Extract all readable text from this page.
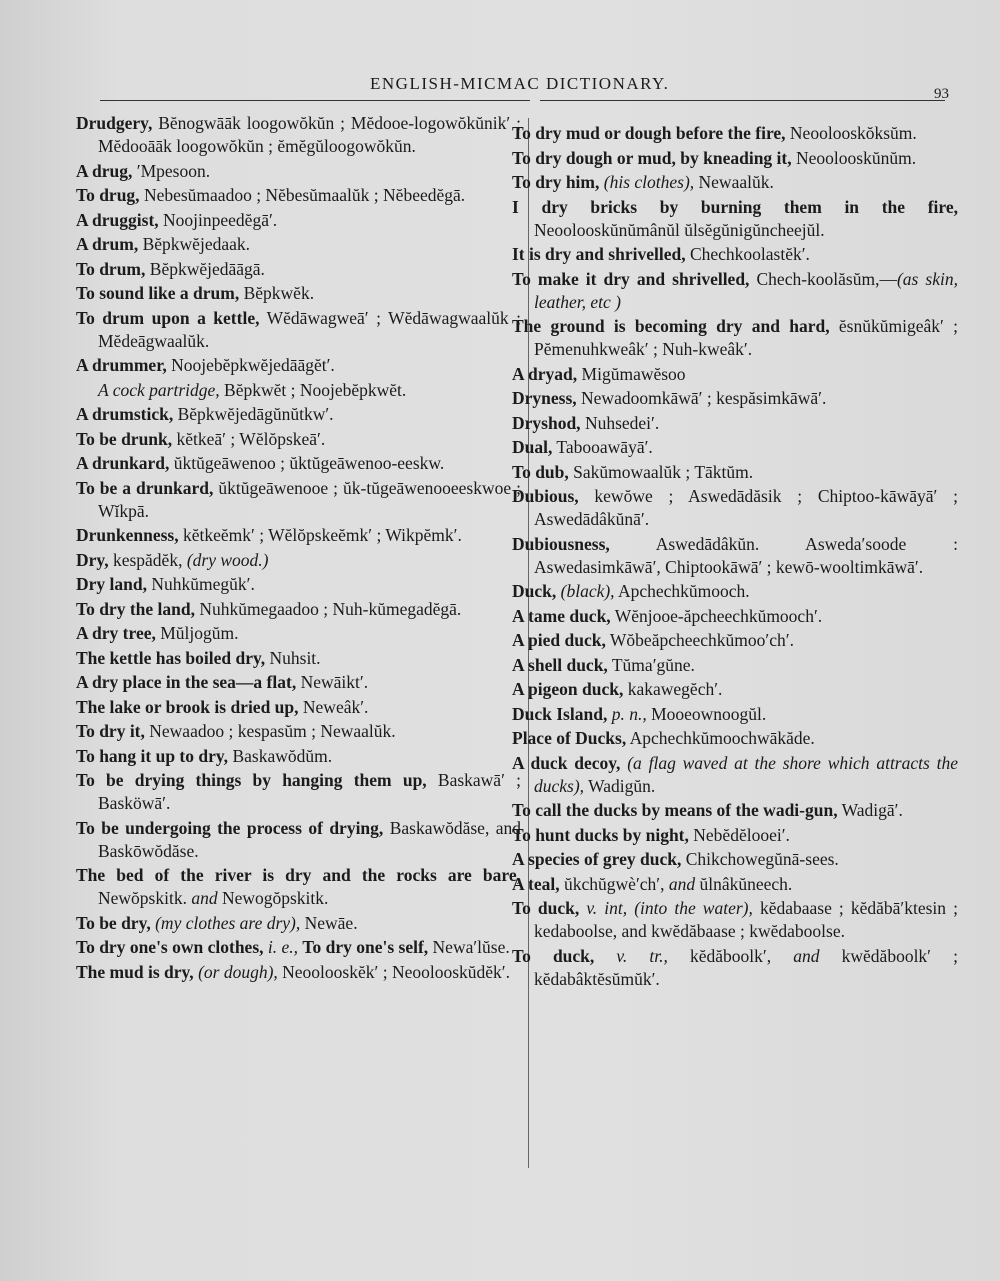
ENGLISH-MICMAC DICTIONARY.
93
Drudgery, Bĕnogwāāk loogowŏkŭn ; Mĕdooe-logowŏkŭnik′ ; Mĕdooāāk loogowŏkŭn ; ĕmĕgŭloogowŏkŭn.
A drug, ′Mpesoon.
To drug, Nebesŭmaadoo ; Nĕbesŭmaalŭk ; Nĕbeedĕgā.
A druggist, Noojinpeedĕgā′.
A drum, Bĕpkwĕjedaak.
To drum, Bĕpkwĕjedāāgā.
To sound like a drum, Bĕpkwĕk.
To drum upon a kettle, Wĕdāwagweā′ ; Wĕdāwagwaalŭk ; Mĕdeāgwaalŭk.
A drummer, Noojebĕpkwĕjedāāgĕt′.
A cock partridge, Bĕpkwĕt ; Noojebĕpkwĕt.
A drumstick, Bĕpkwĕjedāgŭnŭtkw′.
To be drunk, kĕtkeā′ ; Wĕlŏpskeā′.
A drunkard, ŭktŭgeāwenoo ; ŭktŭgeāwenoo-eeskw.
To be a drunkard, ŭktŭgeāwenooe ; ŭk-tŭgeāwenooeeskwoe ; Wĭkpā.
Drunkenness, kĕtkeĕmk′ ; Wĕlŏpskeĕmk′ ; Wikpĕmk′.
Dry, kespădĕk, (dry wood.)
Dry land, Nuhkŭmegŭk′.
To dry the land, Nuhkŭmegaadoo ; Nuh-kŭmegadĕgā.
A dry tree, Mŭljogŭm.
The kettle has boiled dry, Nuhsit.
A dry place in the sea—a flat, Newāikt′.
The lake or brook is dried up, Neweâk′.
To dry it, Newaadoo ; kespasŭm ; Newaalŭk.
To hang it up to dry, Baskawŏdŭm.
To be drying things by hanging them up, Baskawā′ ; Basköwā′.
To be undergoing the process of drying, Baskawŏdăse, and Baskōwŏdăse.
The bed of the river is dry and the rocks are bare, Newŏpskitk. and Newogŏpskitk.
To be dry, (my clothes are dry), Newāe.
To dry one's own clothes, i. e., To dry one's self, Newa′lŭse.
The mud is dry, (or dough), Neoolooskĕk′ ; Neoolooskŭdĕk′.
To dry mud or dough before the fire, Neoolooskŏksŭm.
To dry dough or mud, by kneading it, Neoolooskŭnŭm.
To dry him, (his clothes), Newaalŭk.
I dry bricks by burning them in the fire, Neoolooskŭnŭmânŭl ŭlsĕgŭnigŭncheejŭl.
It is dry and shrivelled, Chechkoolastĕk′.
To make it dry and shrivelled, Chech-koolăsŭm,—(as skin, leather, etc )
The ground is becoming dry and hard, ĕsnŭkŭmigeâk′ ; Pĕmenuhkweâk′ ; Nuh-kweâk′.
A dryad, Migŭmawĕsoo
Dryness, Newadoomkāwā′ ; kespăsimkāwā′.
Dryshod, Nuhsedei′.
Dual, Tabooawāyā′.
To dub, Sakŭmowaalŭk ; Tāktŭm.
Dubious, kewŏwe ; Aswedādăsik ; Chiptoo-kāwāyā′ ; Aswedādâkŭnā′.
Dubiousness, Aswedādâkŭn. Asweda′soode : Aswedasimkāwā′, Chiptookāwā′ ; kewō-wooltimkāwā′.
Duck, (black), Apchechkŭmooch.
A tame duck, Wĕnjooe-ăpcheechkŭmooch′.
A pied duck, Wŏbeăpcheechkŭmoo′ch′.
A shell duck, Tŭma′gŭne.
A pigeon duck, kakawegĕch′.
Duck Island, p. n., Mooeownoogŭl.
Place of Ducks, Apchechkŭmoochwākăde.
A duck decoy, (a flag waved at the shore which attracts the ducks), Wadigŭn.
To call the ducks by means of the wadi-gun, Wadigā′.
To hunt ducks by night, Nebĕdĕlooei′.
A species of grey duck, Chikchowegŭnā-sees.
A teal, ŭkchŭgwè′ch′, and ŭlnâkŭneech.
To duck, v. int, (into the water), kĕdabaase ; kĕdăbā′ktesin ; kedaboolse, and kwĕdăbaase ; kwĕdaboolse.
To duck, v. tr., kĕdăboolk′, and kwĕdăboolk′ ; kĕdabâktĕsŭmŭk′.
